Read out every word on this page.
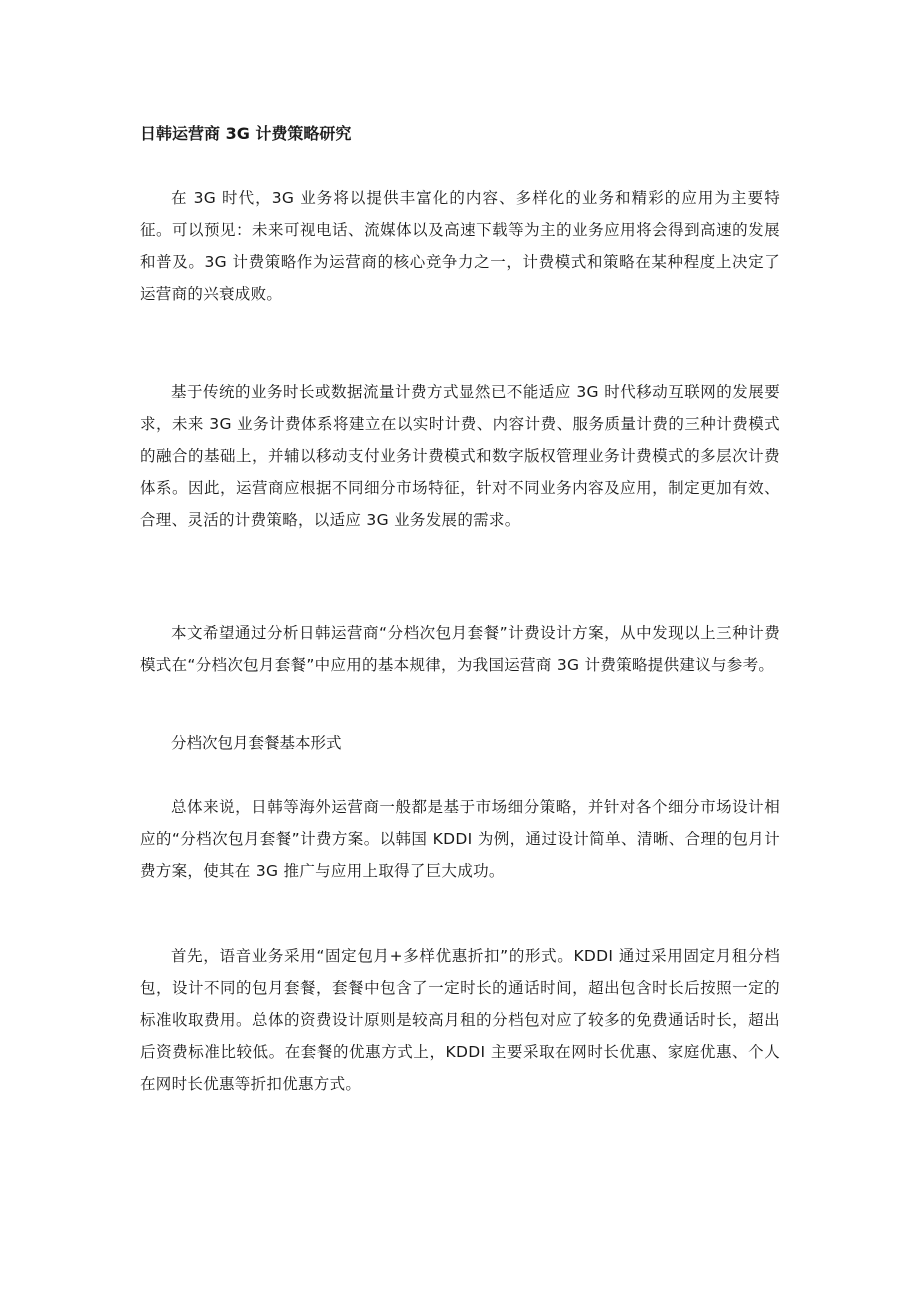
日韩运营商 3G 计费策略研究

在 3G 时代，3G 业务将以提供丰富化的内容、多样化的业务和精彩的应用为主要特征。可以预见：未来可视电话、流媒体以及高速下载等为主的业务应用将会得到高速的发展和普及。3G 计费策略作为运营商的核心竞争力之一，计费模式和策略在某种程度上决定了运营商的兴衰成败。

基于传统的业务时长或数据流量计费方式显然已不能适应 3G 时代移动互联网的发展要求，未来 3G 业务计费体系将建立在以实时计费、内容计费、服务质量计费的三种计费模式的融合的基础上，并辅以移动支付业务计费模式和数字版权管理业务计费模式的多层次计费体系。因此，运营商应根据不同细分市场特征，针对不同业务内容及应用，制定更加有效、合理、灵活的计费策略，以适应 3G 业务发展的需求。

本文希望通过分析日韩运营商“分档次包月套餐”计费设计方案，从中发现以上三种计费模式在“分档次包月套餐”中应用的基本规律，为我国运营商 3G 计费策略提供建议与参考。

分档次包月套餐基本形式

总体来说，日韩等海外运营商一般都是基于市场细分策略，并针对各个细分市场设计相应的“分档次包月套餐”计费方案。以韩国 KDDI 为例，通过设计简单、清晰、合理的包月计费方案，使其在 3G 推广与应用上取得了巨大成功。

首先，语音业务采用“固定包月+多样优惠折扣”的形式。KDDI 通过采用固定月租分档包，设计不同的包月套餐，套餐中包含了一定时长的通话时间，超出包含时长后按照一定的标准收取费用。总体的资费设计原则是较高月租的分档包对应了较多的免费通话时长，超出后资费标准比较低。在套餐的优惠方式上，KDDI 主要采取在网时长优惠、家庭优惠、个人在网时长优惠等折扣优惠方式。
